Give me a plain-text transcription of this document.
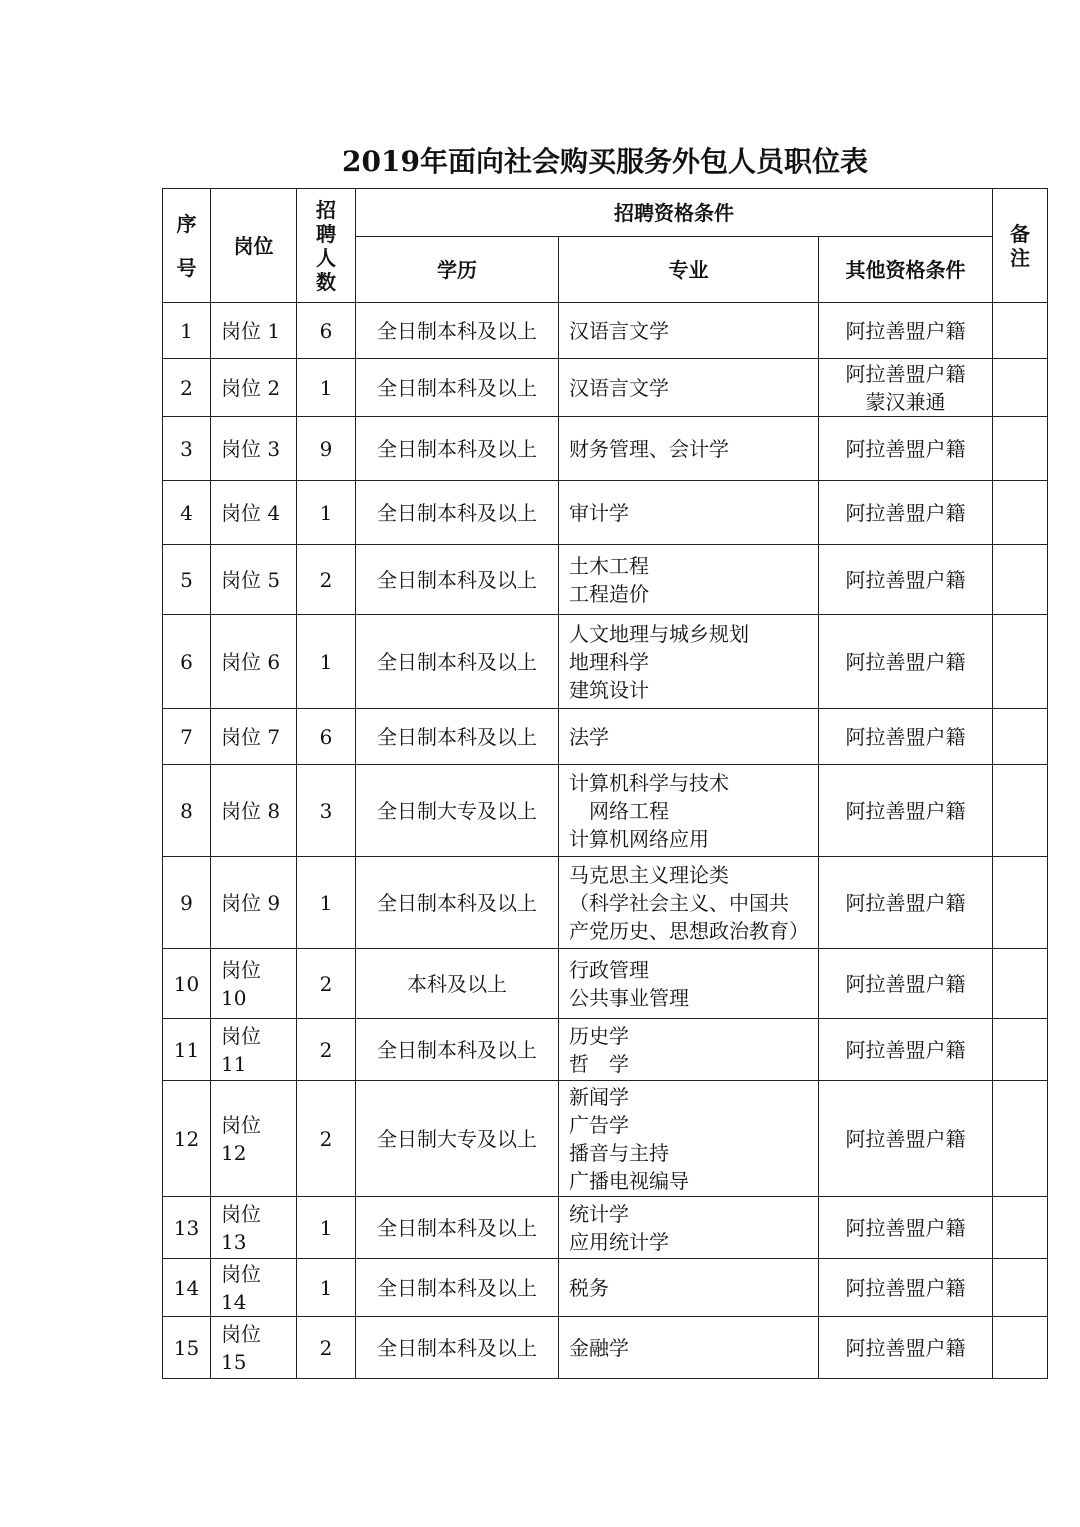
2019年面向社会购买服务外包人员职位表
序
号	岗位	招
聘
人
数	招聘资格条件			备
注

			学历	专业	其他资格条件	
1	岗位 1	6	全日制本科及以上	汉语言文学	阿拉善盟户籍	

2	岗位 2	1	全日制本科及以上	汉语言文学	阿拉善盟户籍
蒙汉兼通	

3	岗位 3	9	全日制本科及以上	财务管理、会计学	阿拉善盟户籍	

4	岗位 4	1	全日制本科及以上	审计学	阿拉善盟户籍	

5	岗位 5	2	全日制本科及以上	土木工程
工程造价	阿拉善盟户籍	

6	岗位 6	1	全日制本科及以上	人文地理与城乡规划
地理科学
建筑设计	阿拉善盟户籍	

7	岗位 7	6	全日制本科及以上	法学	阿拉善盟户籍	

8	岗位 8	3	全日制大专及以上	计算机科学与技术
网络工程
计算机网络应用	阿拉善盟户籍	

9	岗位 9	1	全日制本科及以上	马克思主义理论类
（科学社会主义、中国共
产党历史、思想政治教育）	阿拉善盟户籍	

10	岗位
10	2	本科及以上	行政管理
公共事业管理	阿拉善盟户籍	

11	岗位
11	2	全日制本科及以上	历史学
哲　学	阿拉善盟户籍	

12	岗位
12	2	全日制大专及以上	新闻学
广告学
播音与主持
广播电视编导	阿拉善盟户籍	

13	岗位
13	1	全日制本科及以上	统计学
应用统计学	阿拉善盟户籍	

14	岗位
14	1	全日制本科及以上	税务	阿拉善盟户籍	

15	岗位
15	2	全日制本科及以上	金融学	阿拉善盟户籍	
